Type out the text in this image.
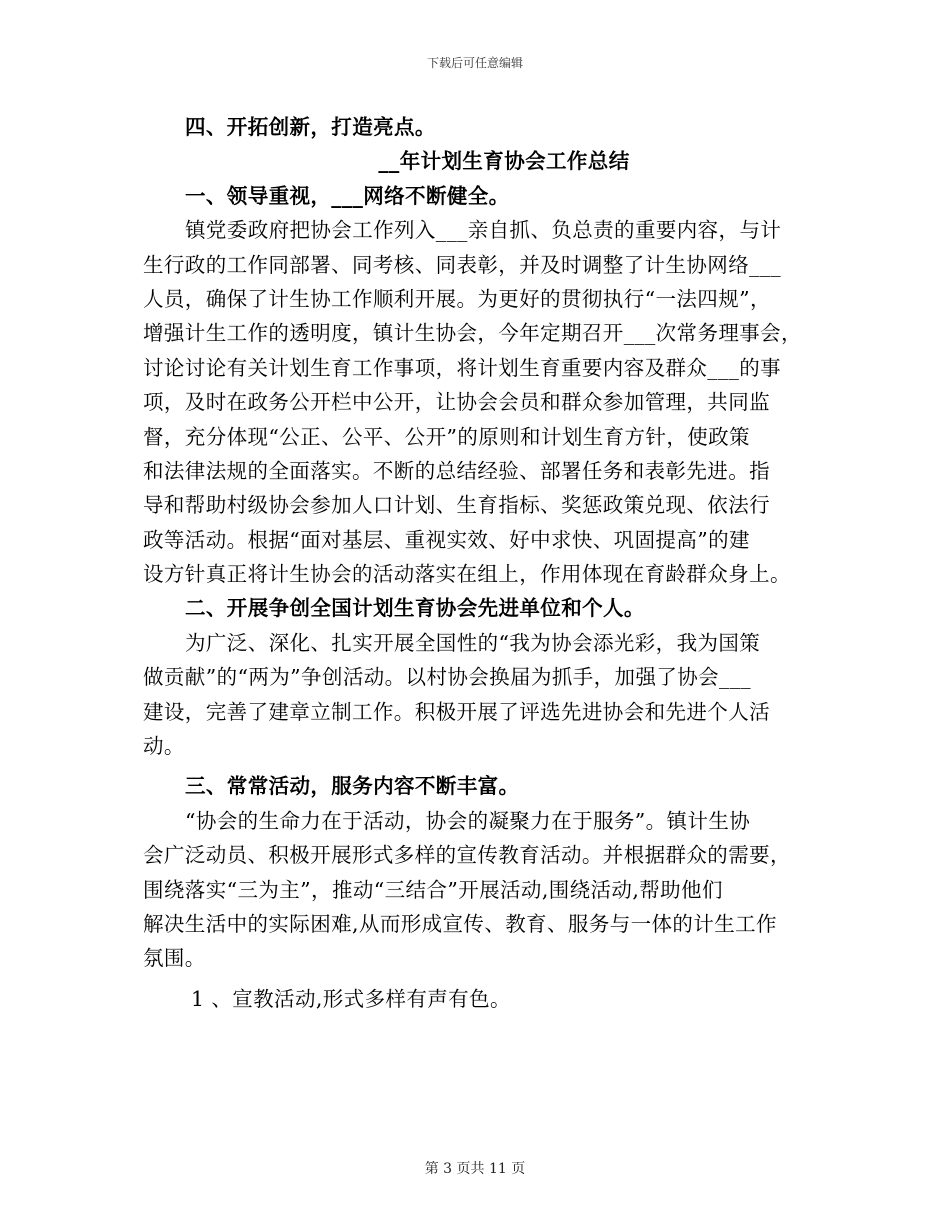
下载后可任意编辑
四、开拓创新，打造亮点。
__年计划生育协会工作总结
一、领导重视，___网络不断健全。
镇党委政府把协会工作列入___亲自抓、负总责的重要内容，与计
生行政的工作同部署、同考核、同表彰，并及时调整了计生协网络___
人员，确保了计生协工作顺利开展。为更好的贯彻执行“一法四规”，
增强计生工作的透明度，镇计生协会，今年定期召开___次常务理事会，
讨论讨论有关计划生育工作事项，将计划生育重要内容及群众___的事
项，及时在政务公开栏中公开，让协会会员和群众参加管理，共同监
督，充分体现“公正、公平、公开”的原则和计划生育方针，使政策
和法律法规的全面落实。不断的总结经验、部署任务和表彰先进。指
导和帮助村级协会参加人口计划、生育指标、奖惩政策兑现、依法行
政等活动。根据“面对基层、重视实效、好中求快、巩固提高”的建
设方针真正将计生协会的活动落实在组上，作用体现在育龄群众身上。
二、开展争创全国计划生育协会先进单位和个人。
为广泛、深化、扎实开展全国性的“我为协会添光彩，我为国策
做贡献”的“两为”争创活动。以村协会换届为抓手，加强了协会___
建设，完善了建章立制工作。积极开展了评选先进协会和先进个人活
动。
三、常常活动，服务内容不断丰富。
“协会的生命力在于活动，协会的凝聚力在于服务”。镇计生协
会广泛动员、积极开展形式多样的宣传教育活动。并根据群众的需要，
围绕落实“三为主”，推动“三结合”开展活动,围绕活动,帮助他们
解决生活中的实际困难,从而形成宣传、教育、服务与一体的计生工作
氛围。
1 、宣教活动,形式多样有声有色。
第 3 页共 11 页
